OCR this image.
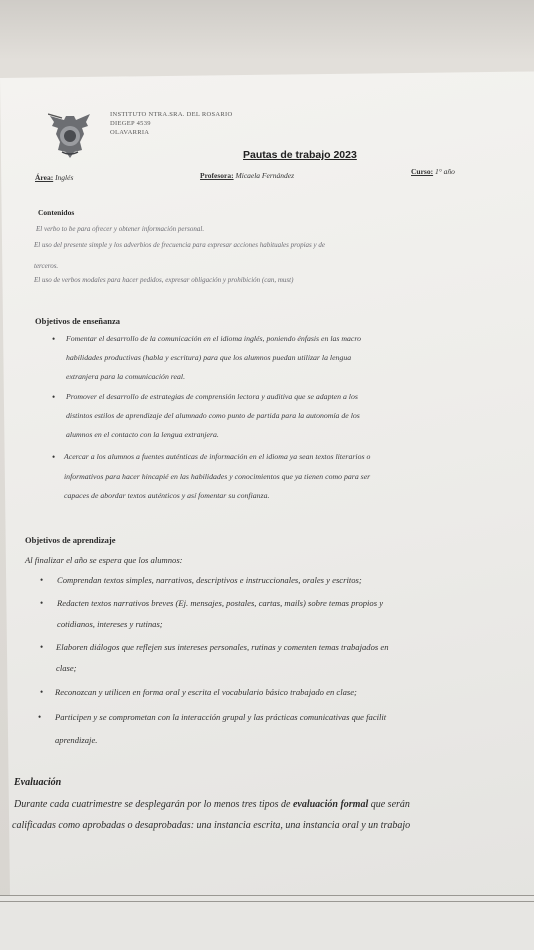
INSTITUTO NTRA.SRA. DEL ROSARIO
DIEGEP 4539
OLAVARRIA
Pautas de trabajo 2023
Área: Inglés	Profesora: Micaela Fernández	Curso: 1° año
Contenidos
El verbo to be para ofrecer y obtener información personal.
El uso del presente simple y los adverbios de frecuencia para expresar acciones habituales propias y de
terceros.
El uso de verbos modales para hacer pedidos, expresar obligación y prohibición (can, must)
Objetivos de enseñanza
• Fomentar el desarrollo de la comunicación en el idioma inglés, poniendo énfasis en las macro
habilidades productivas (habla y escritura) para que los alumnos puedan utilizar la lengua
extranjera para la comunicación real.
• Promover el desarrollo de estrategias de comprensión lectora y auditiva que se adapten a los
distintos estilos de aprendizaje del alumnado como punto de partida para la autonomía de los
alumnos en el contacto con la lengua extranjera.
• Acercar a los alumnos a fuentes auténticas de información en el idioma ya sean textos literarios o
informativos para hacer hincapié en las habilidades y conocimientos que ya tienen como para ser
capaces de abordar textos auténticos y así fomentar su confianza.
Objetivos de aprendizaje
Al finalizar el año se espera que los alumnos:
• Comprendan textos simples, narrativos, descriptivos e instruccionales, orales y escritos;
• Redacten textos narrativos breves (Ej. mensajes, postales, cartas, mails) sobre temas propios y
cotidianos, intereses y rutinas;
• Elaboren diálogos que reflejen sus intereses personales, rutinas y comenten temas trabajados en
clase;
• Reconozcan y utilicen en forma oral y escrita el vocabulario básico trabajado en clase;
• Participen y se comprometan con la interacción grupal y las prácticas comunicativas que facilit
aprendizaje.
Evaluación
Durante cada cuatrimestre se desplegarán por lo menos tres tipos de evaluación formal que serán
calificadas como aprobadas o desaprobadas: una instancia escrita, una instancia oral y un trabajo
